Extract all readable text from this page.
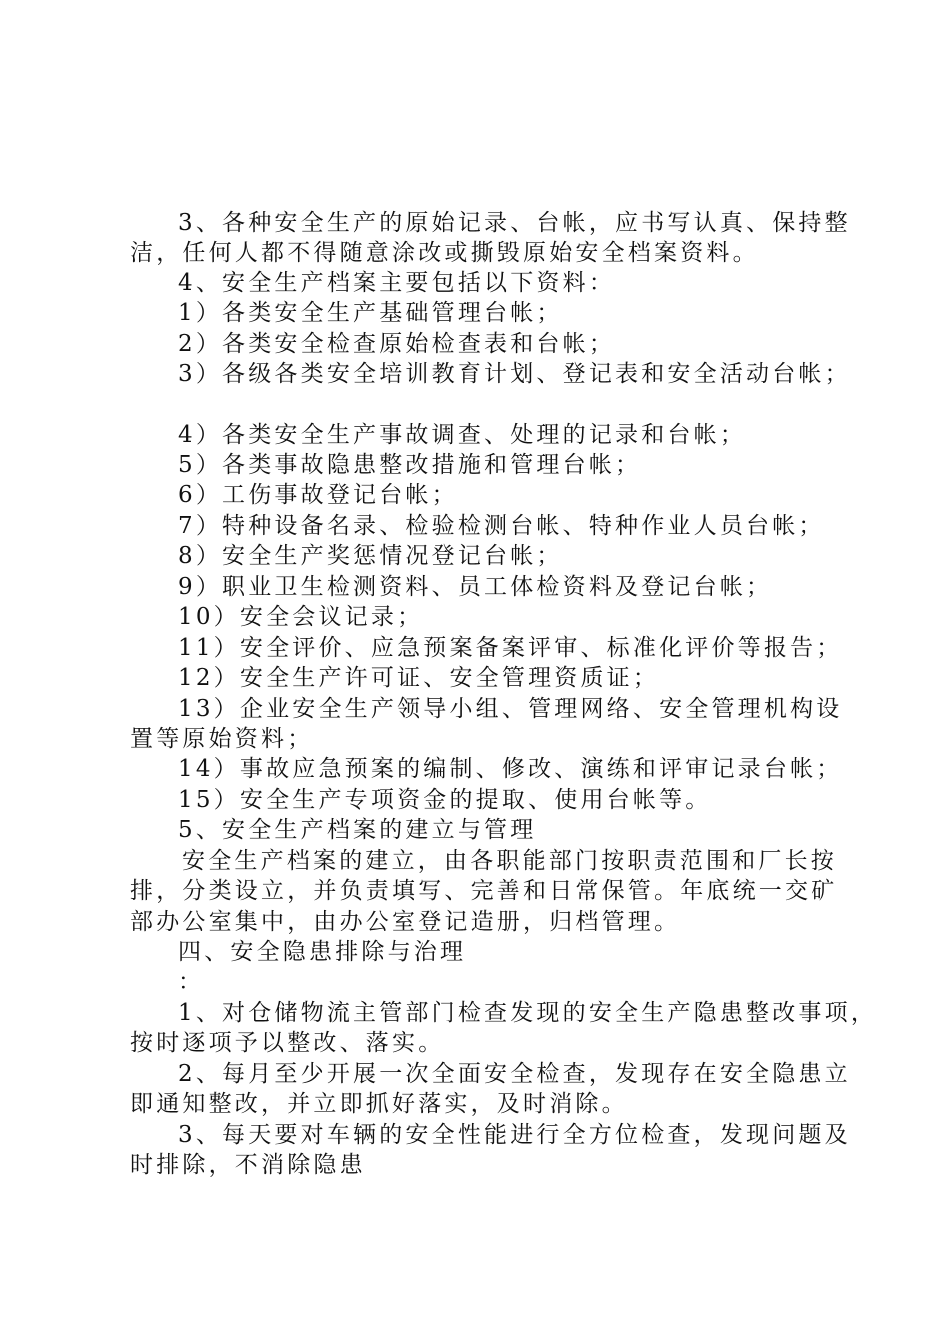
3、各种安全生产的原始记录、台帐，应书写认真、保持整
洁，任何人都不得随意涂改或撕毁原始安全档案资料。
4、安全生产档案主要包括以下资料：
1）各类安全生产基础管理台帐；
2）各类安全检查原始检查表和台帐；
3）各级各类安全培训教育计划、登记表和安全活动台帐；
4）各类安全生产事故调查、处理的记录和台帐；
5）各类事故隐患整改措施和管理台帐；
6）工伤事故登记台帐；
7）特种设备名录、检验检测台帐、特种作业人员台帐；
8）安全生产奖惩情况登记台帐；
9）职业卫生检测资料、员工体检资料及登记台帐；
10）安全会议记录；
11）安全评价、应急预案备案评审、标准化评价等报告；
12）安全生产许可证、安全管理资质证；
13）企业安全生产领导小组、管理网络、安全管理机构设
置等原始资料；
14）事故应急预案的编制、修改、演练和评审记录台帐；
15）安全生产专项资金的提取、使用台帐等。
5、安全生产档案的建立与管理
安全生产档案的建立，由各职能部门按职责范围和厂长按
排，分类设立，并负责填写、完善和日常保管。年底统一交矿
部办公室集中，由办公室登记造册，归档管理。
四、安全隐患排除与治理
：
1、对仓储物流主管部门检查发现的安全生产隐患整改事项，
按时逐项予以整改、落实。
2、每月至少开展一次全面安全检查，发现存在安全隐患立
即通知整改，并立即抓好落实，及时消除。
3、每天要对车辆的安全性能进行全方位检查，发现问题及
时排除，不消除隐患
